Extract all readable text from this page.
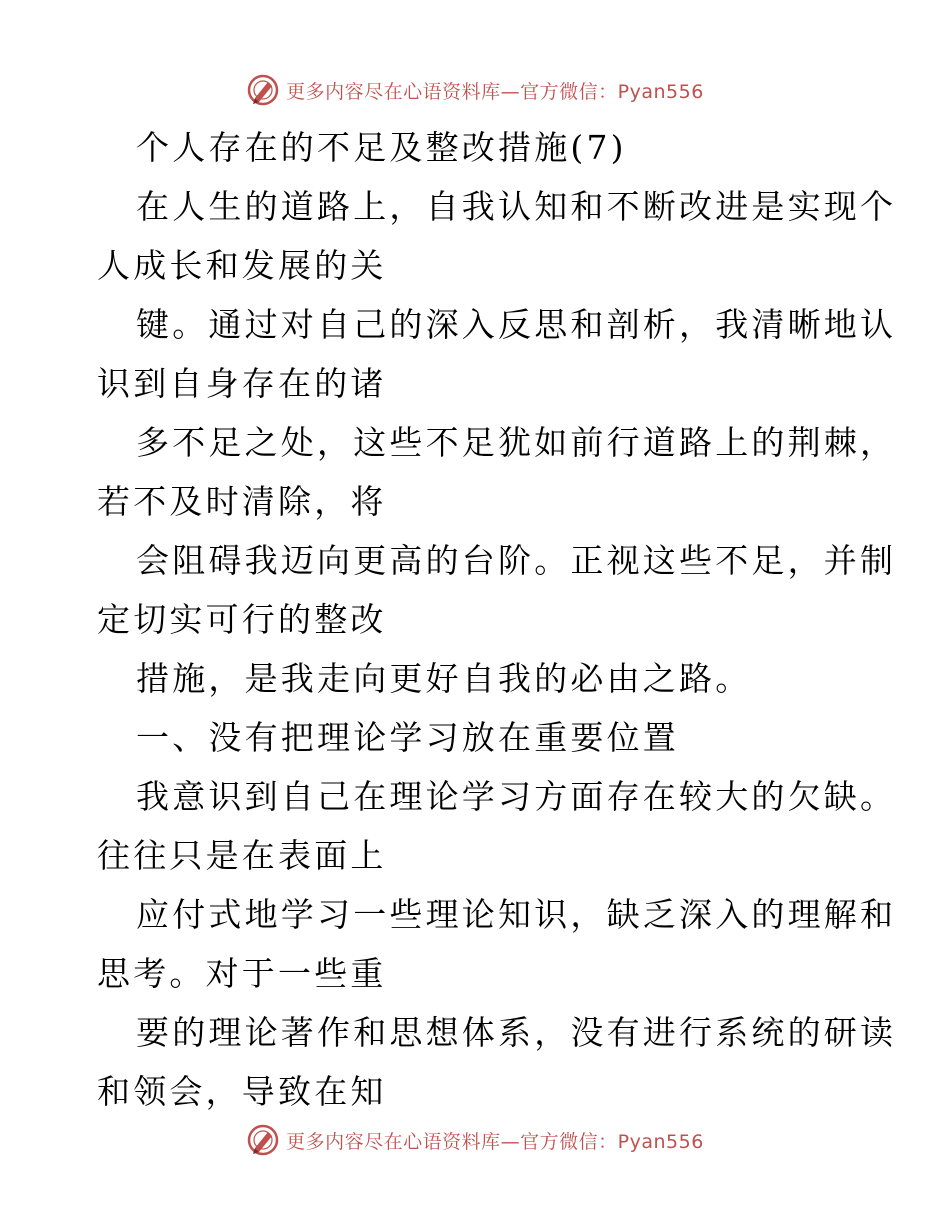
更多内容尽在心语资料库—官方微信：Pyan556
个人存在的不足及整改措施(7)
在人生的道路上，自我认知和不断改进是实现个
人成长和发展的关
键。通过对自己的深入反思和剖析，我清晰地认
识到自身存在的诸
多不足之处，这些不足犹如前行道路上的荆棘，
若不及时清除，将
会阻碍我迈向更高的台阶。正视这些不足，并制
定切实可行的整改
措施，是我走向更好自我的必由之路。
一、没有把理论学习放在重要位置
我意识到自己在理论学习方面存在较大的欠缺。
往往只是在表面上
应付式地学习一些理论知识，缺乏深入的理解和
思考。对于一些重
要的理论著作和思想体系，没有进行系统的研读
和领会，导致在知
更多内容尽在心语资料库—官方微信：Pyan556
